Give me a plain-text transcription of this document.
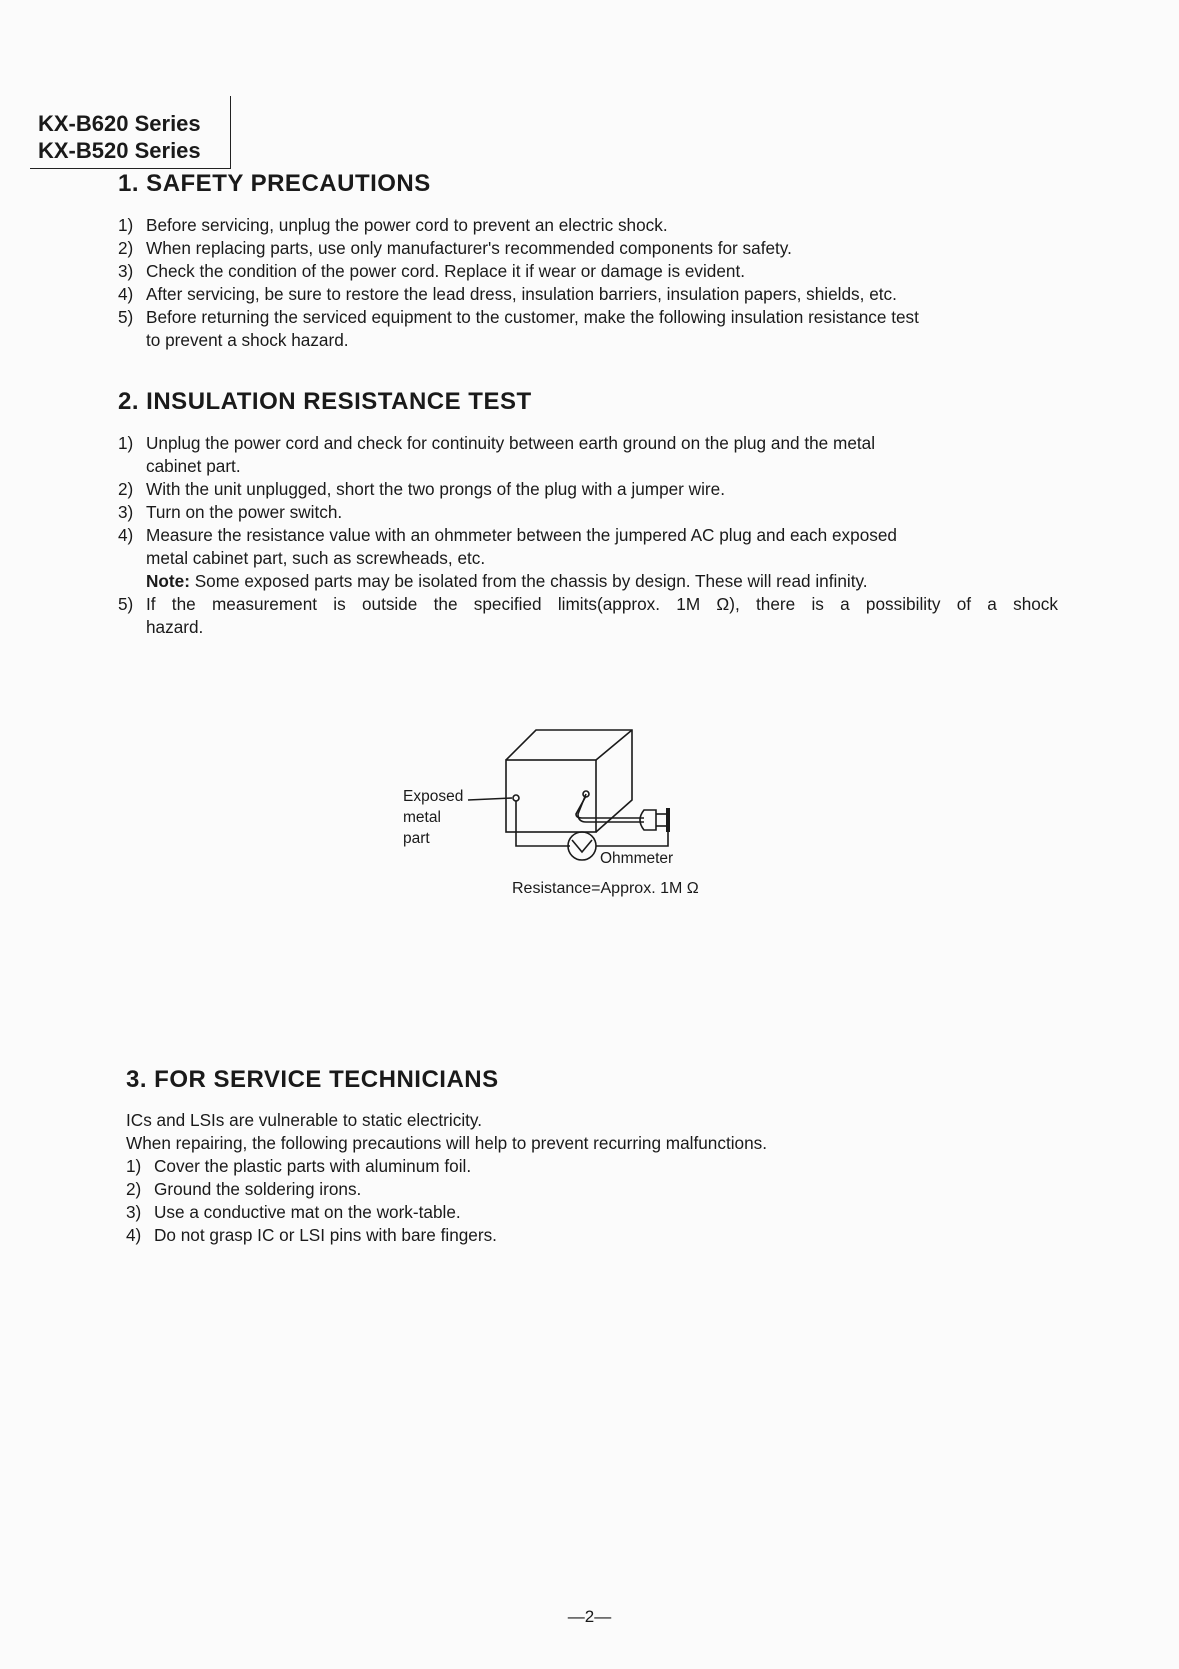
KX-B620 Series
KX-B520 Series
1. SAFETY PRECAUTIONS
1) Before servicing, unplug the power cord to prevent an electric shock.
2) When replacing parts, use only manufacturer's recommended components for safety.
3) Check the condition of the power cord. Replace it if wear or damage is evident.
4) After servicing, be sure to restore the lead dress, insulation barriers, insulation papers, shields, etc.
5) Before returning the serviced equipment to the customer, make the following insulation resistance test
to prevent a shock hazard.
2. INSULATION RESISTANCE TEST
1) Unplug the power cord and check for continuity between earth ground on the plug and the metal
cabinet part.
2) With the unit unplugged, short the two prongs of the plug with a jumper wire.
3) Turn on the power switch.
4) Measure the resistance value with an ohmmeter between the jumpered AC plug and each exposed
metal cabinet part, such as screwheads, etc.
Note: Some exposed parts may be isolated from the chassis by design. These will read infinity.
5) If the measurement is outside the specified limits(approx. 1M Ω), there is a possibility of a shock
hazard.
Exposed
metal
part
Ohmmeter
Resistance=Approx. 1M Ω
3. FOR SERVICE TECHNICIANS

ICs and LSIs are vulnerable to static electricity.

When repairing, the following precautions will help to prevent recurring malfunctions.

1) Cover the plastic parts with aluminum foil.
2) Ground the soldering irons.
3) Use a conductive mat on the work-table.
4) Do not grasp IC or LSI pins with bare fingers.
—2—
